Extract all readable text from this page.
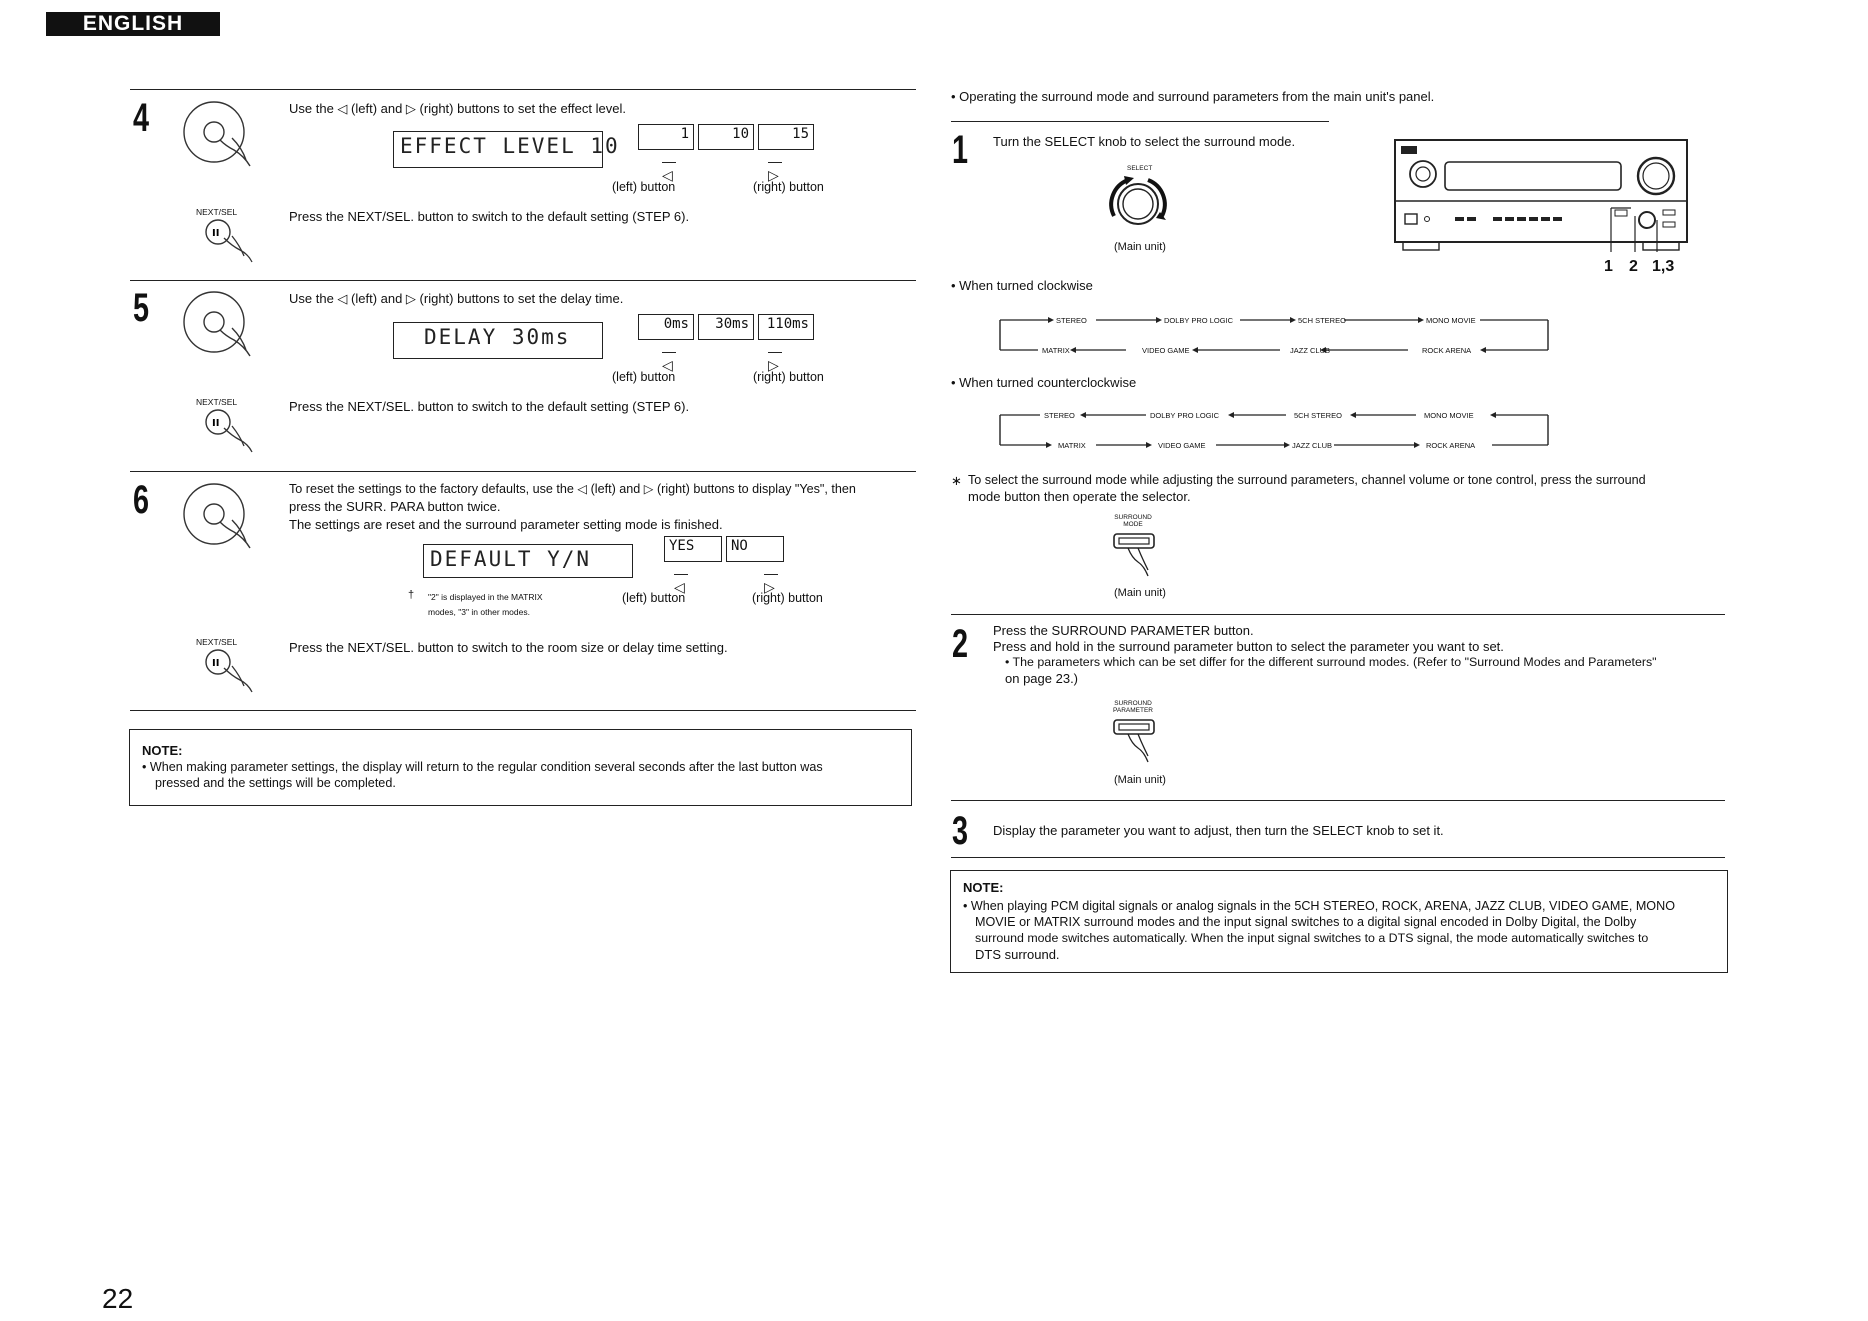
ENGLISH
4	Use the ◁ (left) and ▷ (right) buttons to set the effect level.
EFFECT LEVEL 10	1	10	15
—
◁
—
▷
(left) button	(right) button
NEXT/SEL
II
Press the NEXT/SEL. button to switch to the default setting (STEP 6).
5	Use the ◁ (left) and ▷ (right) buttons to set the delay time.
DELAY 30ms
0ms	30ms	110ms
—
◁
—
▷
(left) button	(right) button
NEXT/SEL
II
Press the NEXT/SEL. button to switch to the default setting (STEP 6).
6	To reset the settings to the factory defaults, use the ◁ (left) and ▷ (right) buttons to display "Yes", then
press the SURR. PARA button twice.
The settings are reset and the surround parameter setting mode is finished.
DEFAULT Y/N
YES	NO
—
◁
—
▷
† "2" is displayed in the MATRIX
modes, "3" in other modes.
(left) button	(right) button
NEXT/SEL
II
Press the NEXT/SEL. button to switch to the room size or delay time setting.
NOTE:
• When making parameter settings, the display will return to the regular condition several seconds after the last button was
pressed and the settings will be completed.
22
• Operating the surround mode and surround parameters from the main unit's panel.
1 Turn the SELECT knob to select the surround mode.
SELECT
(Main unit)
1 2 1,3
• When turned clockwise
STEREO	DOLBY PRO LOGIC	5CH STEREO	MONO MOVIE
MATRIX	VIDEO GAME	JAZZ CLUB	ROCK ARENA
• When turned counterclockwise
STEREO	DOLBY PRO LOGIC	5CH STEREO	MONO MOVIE
MATRIX	VIDEO GAME	JAZZ CLUB	ROCK ARENA
∗ To select the surround mode while adjusting the surround parameters, channel volume or tone control, press the surround
mode button then operate the selector.
SURROUND MODE
(Main unit)
2 Press the SURROUND PARAMETER button.
Press and hold in the surround parameter button to select the parameter you want to set.
• The parameters which can be set differ for the different surround modes. (Refer to "Surround Modes and Parameters"
on page 23.)
SURROUND PARAMETER
(Main unit)
3 Display the parameter you want to adjust, then turn the SELECT knob to set it.
NOTE:
• When playing PCM digital signals or analog signals in the 5CH STEREO, ROCK, ARENA, JAZZ CLUB, VIDEO GAME, MONO
MOVIE or MATRIX surround modes and the input signal switches to a digital signal encoded in Dolby Digital, the Dolby
surround mode switches automatically. When the input signal switches to a DTS signal, the mode automatically switches to
DTS surround.
